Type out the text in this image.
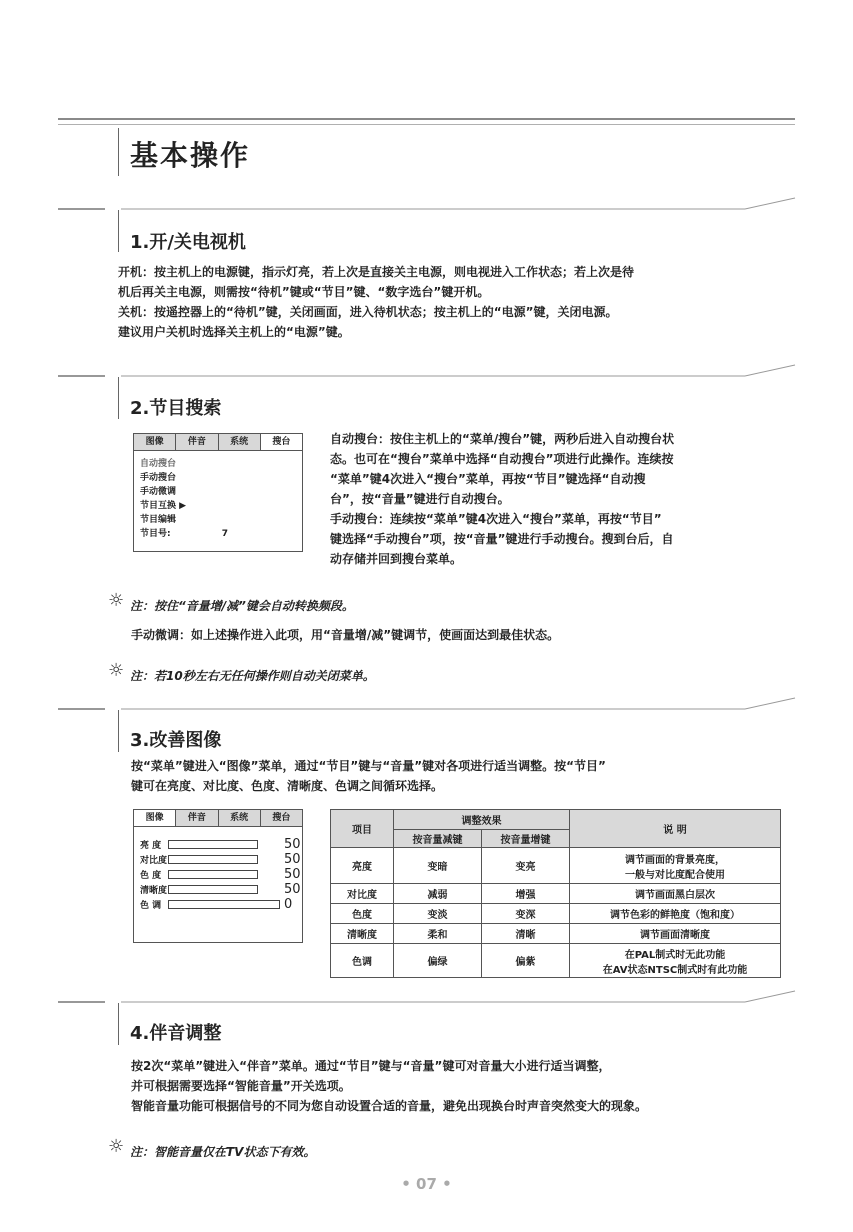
基本操作
1.开/关电视机
开机：按主机上的电源键，指示灯亮，若上次是直接关主电源，则电视进入工作状态；若上次是待
机后再关主电源，则需按“待机”键或“节目”键、“数字选台”键开机。
关机：按遥控器上的“待机”键，关闭画面，进入待机状态；按主机上的“电源”键，关闭电源。
建议用户关机时选择关主机上的“电源”键。
2.节目搜索
图像	伴音	系统	搜台
自动搜台
手动搜台
手动微调
节目互换 ▶
节目编辑
节目号:	7
自动搜台：按住主机上的“菜单/搜台”键，两秒后进入自动搜台状
态。也可在“搜台”菜单中选择“自动搜台”项进行此操作。连续按
“菜单”键4次进入“搜台”菜单，再按“节目”键选择“自动搜
台”，按“音量”键进行自动搜台。
手动搜台：连续按“菜单”键4次进入“搜台”菜单，再按“节目”
键选择“手动搜台”项，按“音量”键进行手动搜台。搜到台后，自
动存储并回到搜台菜单。
☼ 注：按住“音量增/减”键会自动转换频段。
手动微调：如上述操作进入此项，用“音量增/减”键调节，使画面达到最佳状态。
☼ 注：若10秒左右无任何操作则自动关闭菜单。
3.改善图像
按“菜单”键进入“图像”菜单，通过“节目”键与“音量”键对各项进行适当调整。按“节目”
键可在亮度、对比度、色度、清晰度、色调之间循环选择。
图像	伴音	系统	搜台
亮 度	50
对比度	50
色 度	50
清晰度	50
色 调	0
项目	调整效果		说 明
	按音量减键	按音量增键	
亮度	变暗	变亮	调节画面的背景亮度，
一般与对比度配合使用

对比度	减弱	增强	调节画面黑白层次
色度	变淡	变深	调节色彩的鲜艳度（饱和度）
清晰度	柔和	清晰	调节画面清晰度
色调	偏绿	偏紫	在PAL制式时无此功能
在AV状态NTSC制式时有此功能
4.伴音调整
按2次“菜单”键进入“伴音”菜单。通过“节目”键与“音量”键可对音量大小进行适当调整，
并可根据需要选择“智能音量”开关选项。
智能音量功能可根据信号的不同为您自动设置合适的音量，避免出现换台时声音突然变大的现象。
☼ 注：智能音量仅在TV状态下有效。
• 07 •
